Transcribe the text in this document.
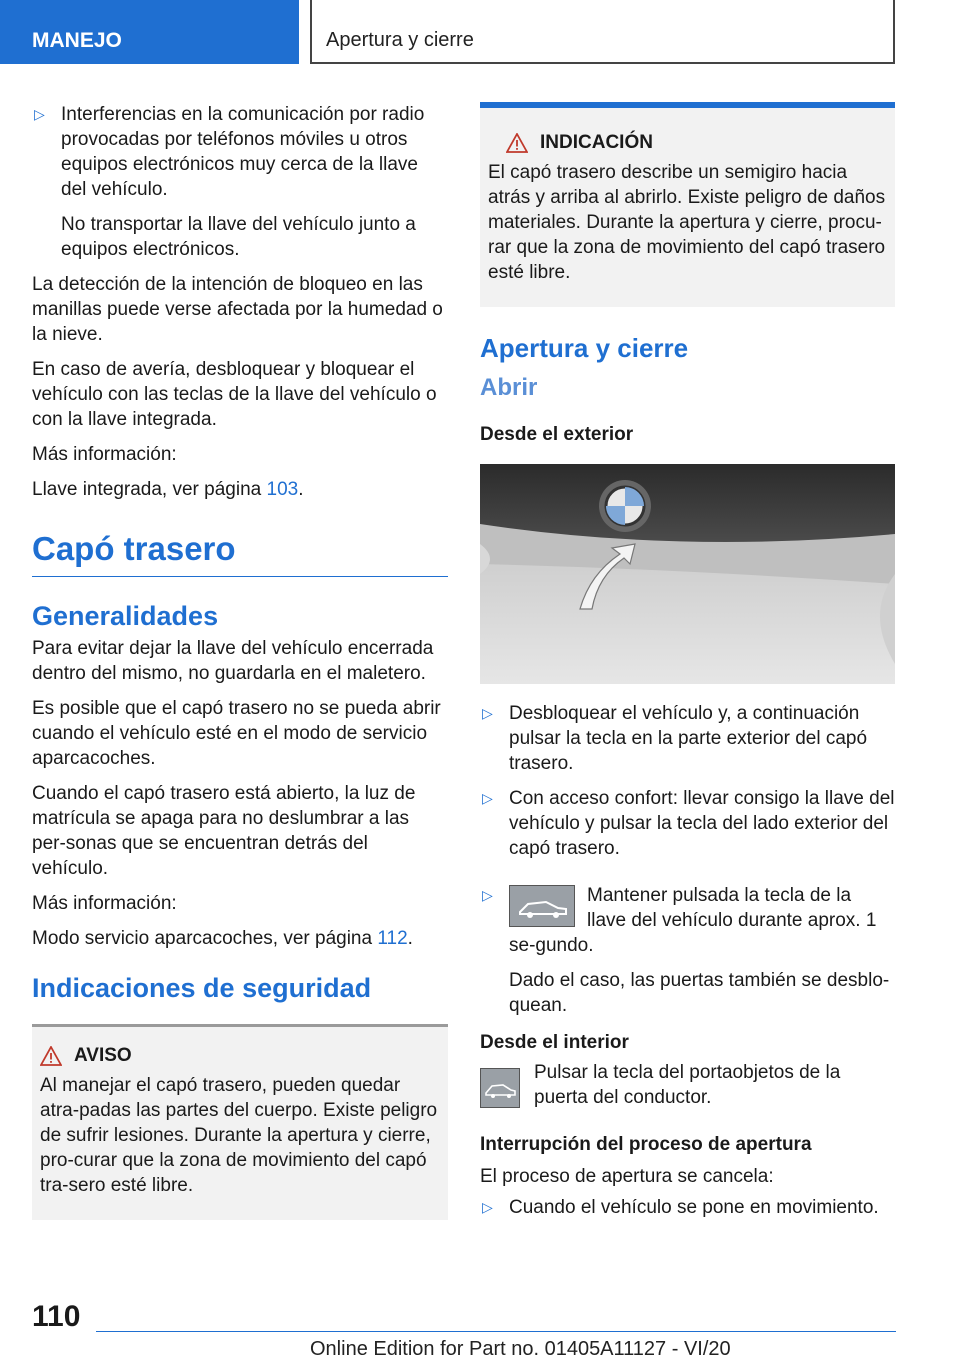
MANEJO	Apertura y cierre
▷ Interferencias en la comunicación por radio provocadas por teléfonos móviles u otros equipos electrónicos muy cerca de la llave del vehículo.

No transportar la llave del vehículo junto a equipos electrónicos.

La detección de la intención de bloqueo en las manillas puede verse afectada por la humedad o la nieve.

En caso de avería, desbloquear y bloquear el vehículo con las teclas de la llave del vehículo o con la llave integrada.

Más información:

Llave integrada, ver página 103.

Capó trasero
Generalidades

Para evitar dejar la llave del vehículo encerrada dentro del mismo, no guardarla en el maletero.

Es posible que el capó trasero no se pueda abrir cuando el vehículo esté en el modo de servicio aparcacoches.

Cuando el capó trasero está abierto, la luz de matrícula se apaga para no deslumbrar a las per-sonas que se encuentran detrás del vehículo.

Más información:

Modo servicio aparcacoches, ver página 112.

Indicaciones de seguridad
AVISO

Al manejar el capó trasero, pueden quedar atra-padas las partes del cuerpo. Existe peligro de sufrir lesiones. Durante la apertura y cierre, pro-curar que la zona de movimiento del capó tra-sero esté libre.

INDICACIÓN

El capó trasero describe un semigiro hacia atrás y arriba al abrirlo. Existe peligro de daños materiales. Durante la apertura y cierre, procu-rar que la zona de movimiento del capó trasero esté libre.

Apertura y cierre
Abrir
Desde el exterior
▷ Desbloquear el vehículo y, a continuación pulsar la tecla en la parte exterior del capó trasero.
▷ Con acceso confort: llevar consigo la llave del vehículo y pulsar la tecla del lado exterior del capó trasero.
▷	Mantener pulsada la tecla de la llave del vehículo durante aprox. 1 se-gundo.

Dado el caso, las puertas también se desblo-quean.

Desde el interior

Pulsar la tecla del portaobjetos de la puerta del conductor.

Interrupción del proceso de apertura

El proceso de apertura se cancela:

▷ Cuando el vehículo se pone en movimiento.
110
Online Edition for Part no. 01405A11127 - VI/20
